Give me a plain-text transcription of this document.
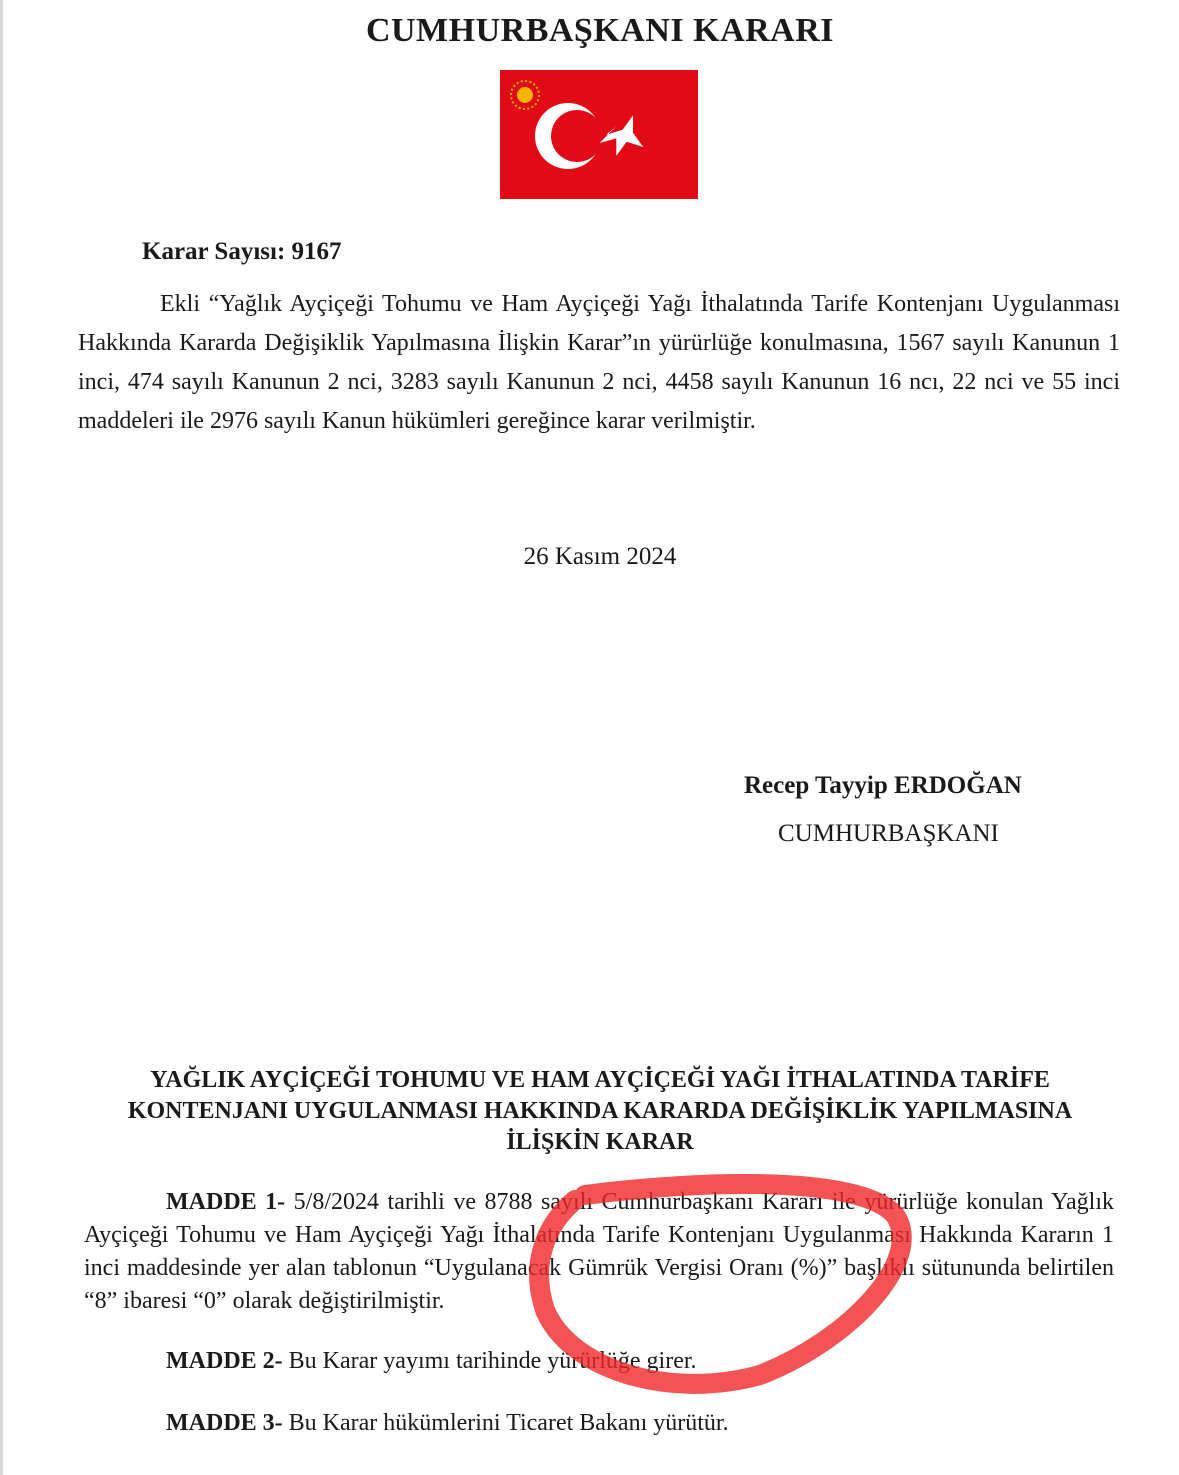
CUMHURBAŞKANI KARARI
Karar Sayısı: 9167
Ekli “Yağlık Ayçiçeği Tohumu ve Ham Ayçiçeği Yağı İthalatında Tarife Kontenjanı Uygulanması Hakkında Kararda Değişiklik Yapılmasına İlişkin Karar”ın yürürlüğe konulmasına, 1567 sayılı Kanunun 1 inci, 474 sayılı Kanunun 2 nci, 3283 sayılı Kanunun 2 nci, 4458 sayılı Kanunun 16 ncı, 22 nci ve 55 inci maddeleri ile 2976 sayılı Kanun hükümleri gereğince karar verilmiştir.
26 Kasım 2024
Recep Tayyip ERDOĞAN
CUMHURBAŞKANI
YAĞLIK AYÇİÇEĞİ TOHUMU VE HAM AYÇİÇEĞİ YAĞI İTHALATINDA TARİFE KONTENJANI UYGULANMASI HAKKINDA KARARDA DEĞİŞİKLİK YAPILMASINA İLİŞKİN KARAR
MADDE 1- 5/8/2024 tarihli ve 8788 sayılı Cumhurbaşkanı Kararı ile yürürlüğe konulan Yağlık Ayçiçeği Tohumu ve Ham Ayçiçeği Yağı İthalatında Tarife Kontenjanı Uygulanması Hakkında Kararın 1 inci maddesinde yer alan tablonun “Uygulanacak Gümrük Vergisi Oranı (%)” başlıklı sütununda belirtilen “8” ibaresi “0” olarak değiştirilmiştir.
MADDE 2- Bu Karar yayımı tarihinde yürürlüğe girer.
MADDE 3- Bu Karar hükümlerini Ticaret Bakanı yürütür.
